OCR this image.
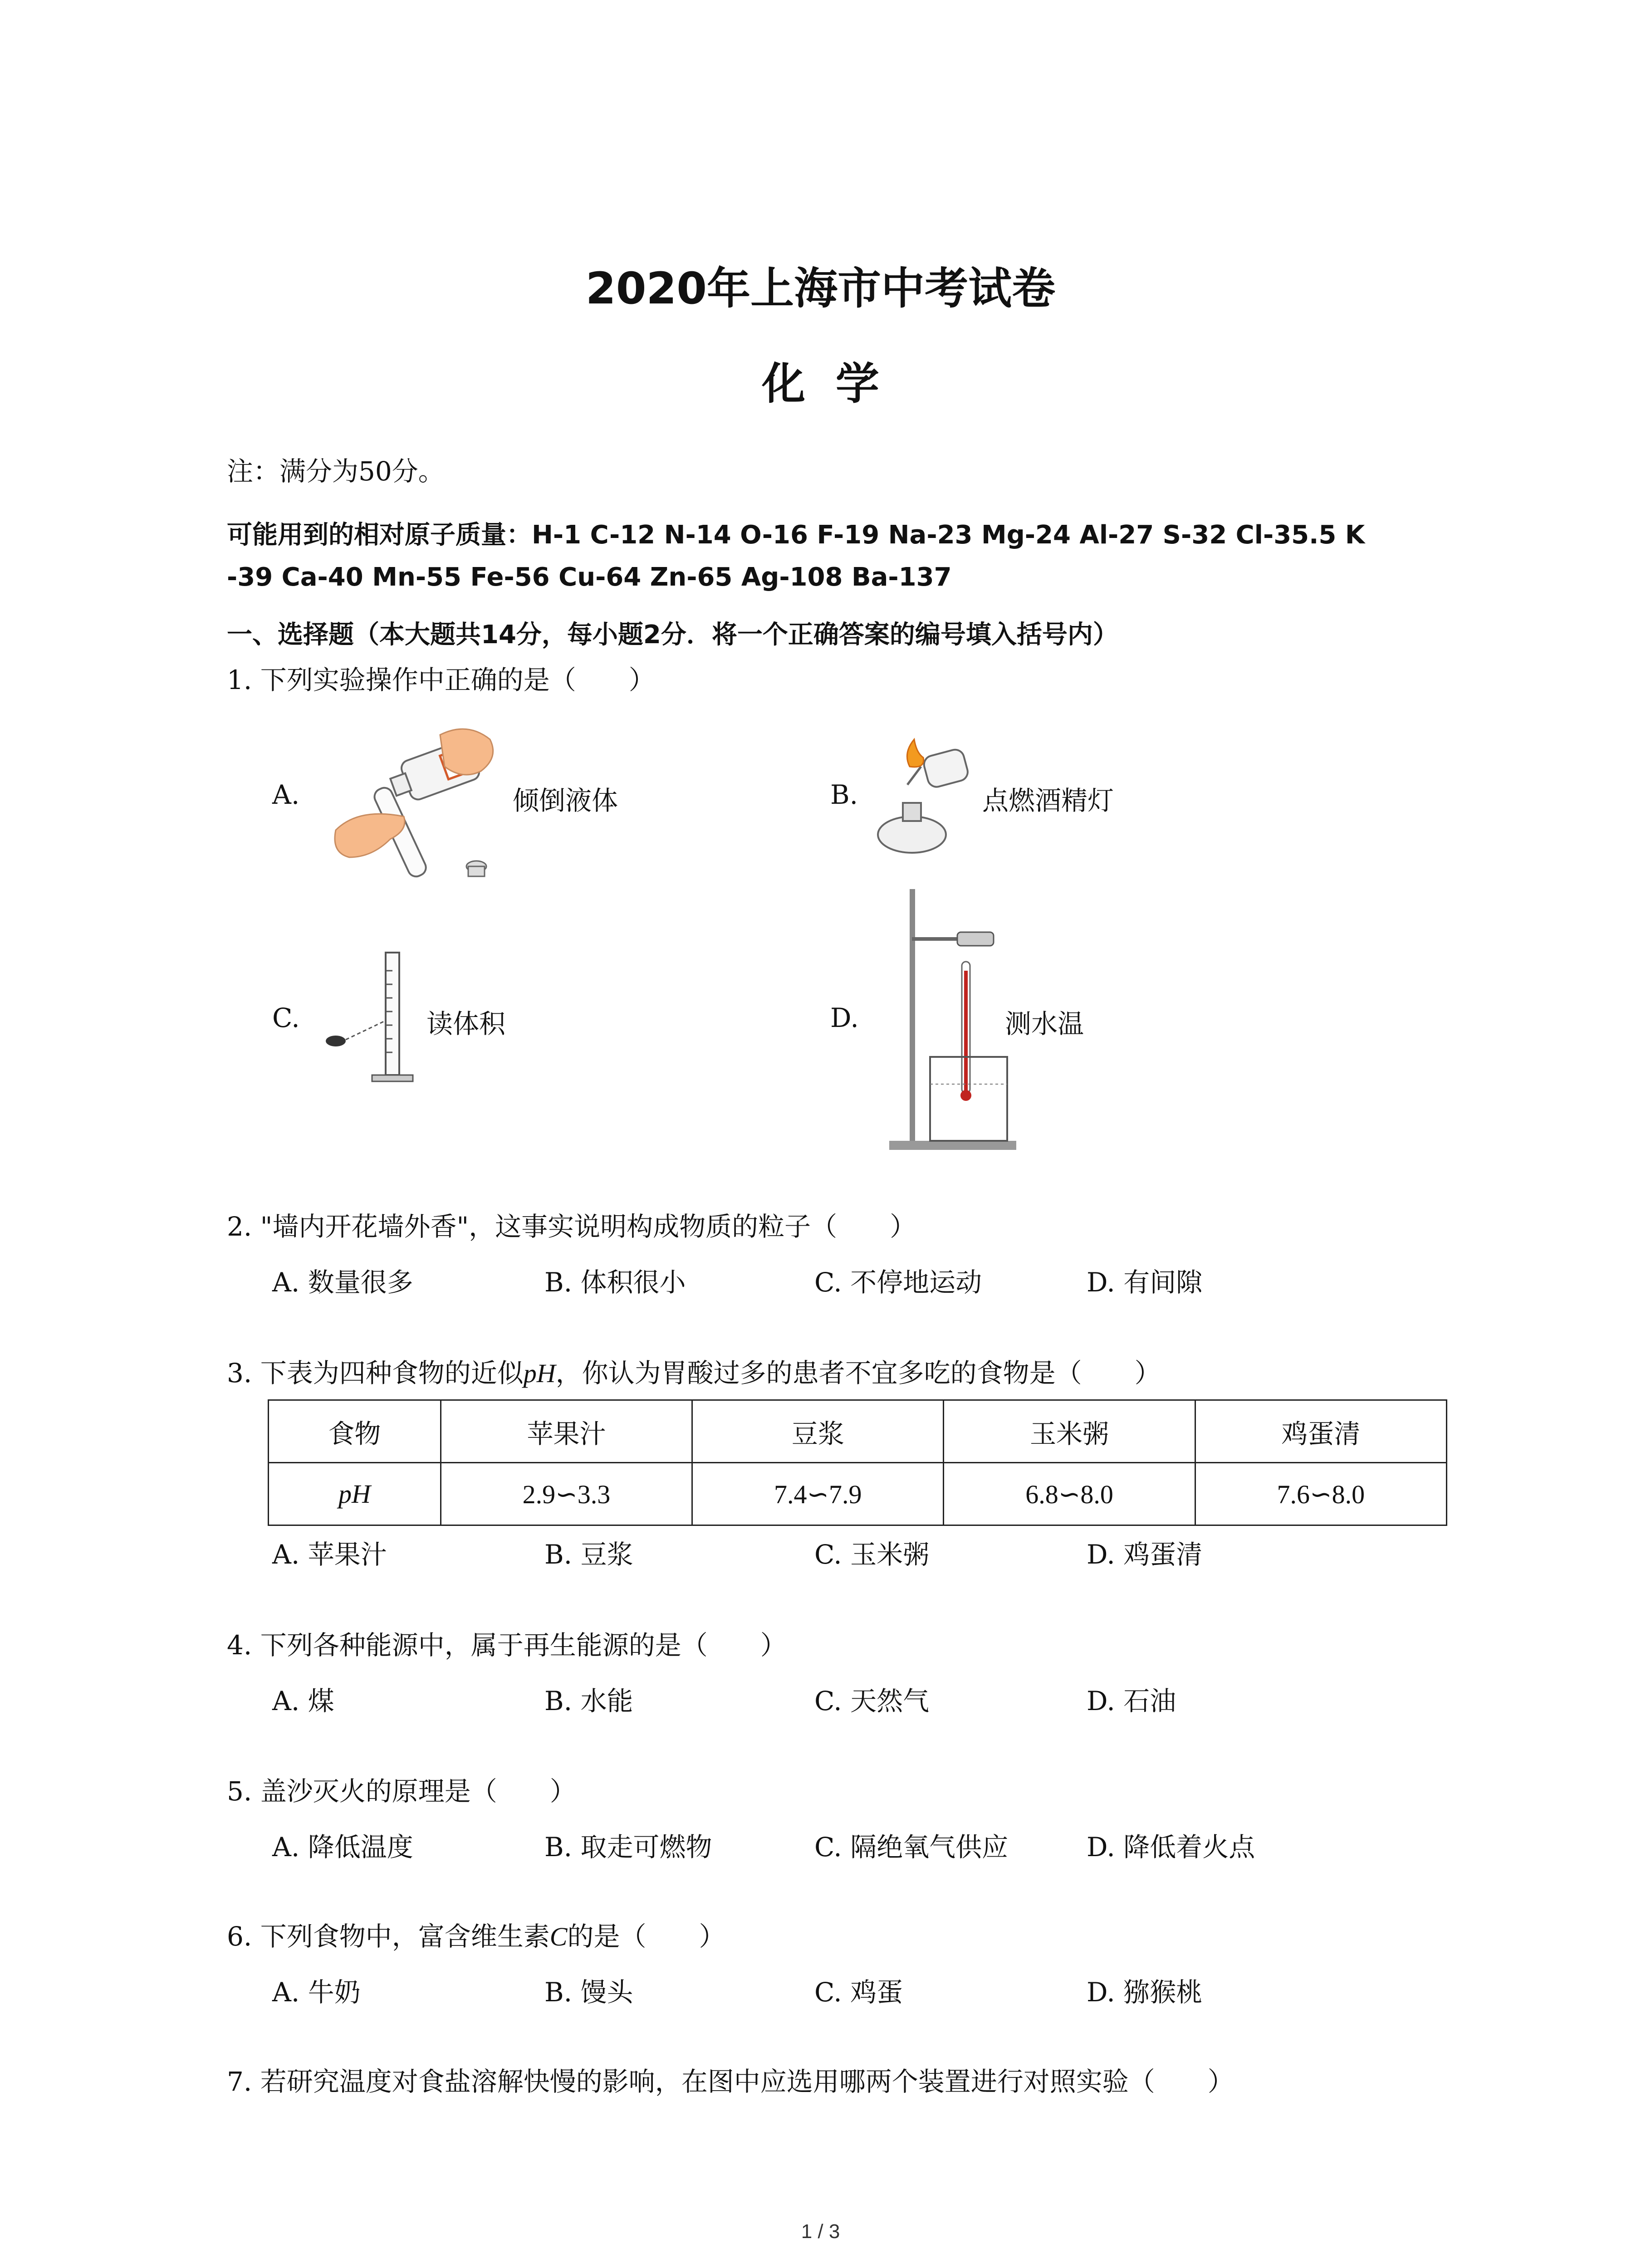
2020年上海市中考试卷
化  学
注：满分为50分。
可能用到的相对原子质量：H-1 C-12 N-14 O-16 F-19 Na-23 Mg-24 Al-27 S-32 Cl-35.5 K
-39 Ca-40 Mn-55 Fe-56 Cu-64 Zn-65 Ag-108 Ba-137
一、选择题（本大题共14分，每小题2分．将一个正确答案的编号填入括号内）
1. 下列实验操作中正确的是（　　）
A.	倾倒液体	B.	点燃酒精灯
C.	读体积	D.	测水温
2. "墙内开花墙外香"，这事实说明构成物质的粒子（　　）
A. 数量很多	B. 体积很小	C. 不停地运动	D. 有间隙
3. 下表为四种食物的近似pH，你认为胃酸过多的患者不宜多吃的食物是（　　）
食物	苹果汁	豆浆	玉米粥	鸡蛋清
pH	2.9∽3.3	7.4∽7.9	6.8∽8.0	7.6∽8.0
A. 苹果汁	B. 豆浆	C. 玉米粥	D. 鸡蛋清
4. 下列各种能源中，属于再生能源的是（　　）
A. 煤	B. 水能	C. 天然气	D. 石油
5. 盖沙灭火的原理是（　　）
A. 降低温度	B. 取走可燃物	C. 隔绝氧气供应	D. 降低着火点
6. 下列食物中，富含维生素C的是（　　）
A. 牛奶	B. 馒头	C. 鸡蛋	D. 猕猴桃
7. 若研究温度对食盐溶解快慢的影响，在图中应选用哪两个装置进行对照实验（　　）
1 / 3
